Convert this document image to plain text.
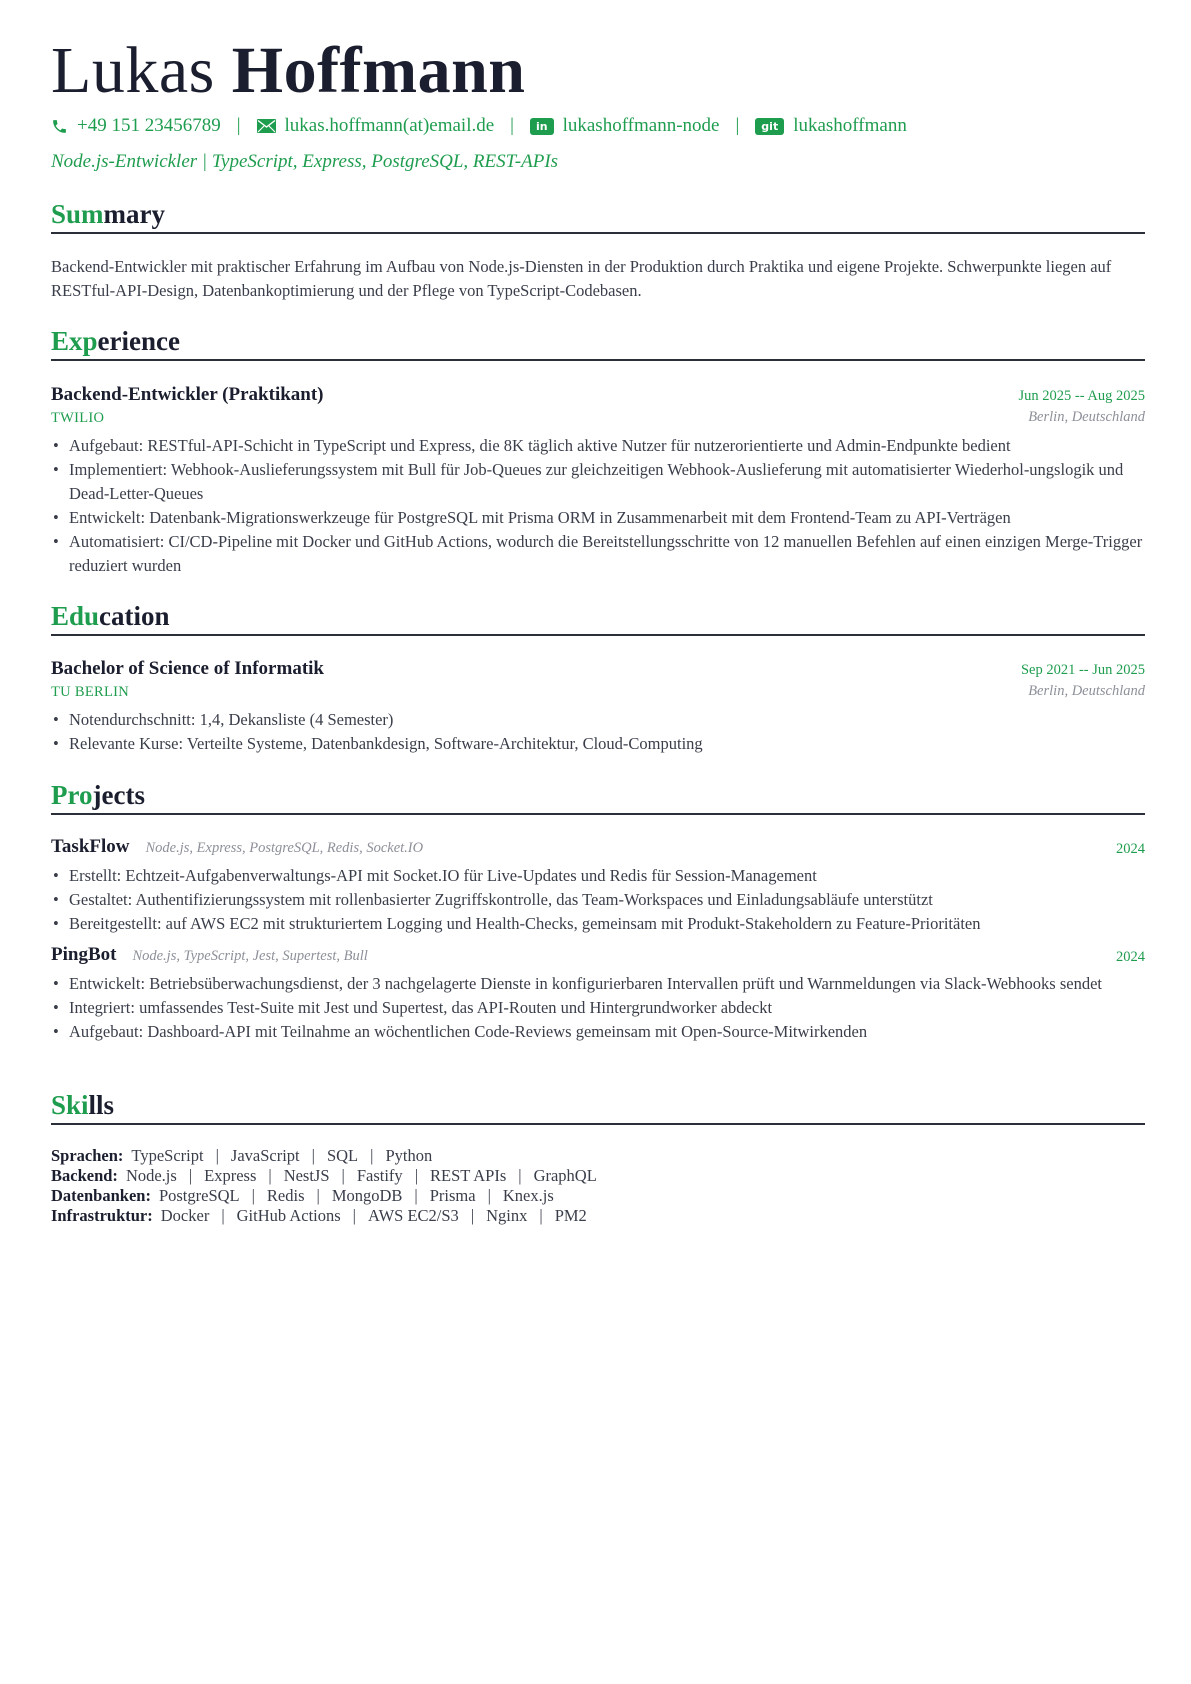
Lukas Hoffmann
+49 151 23456789 | lukas.hoffmann(at)email.de |	in lukashoffmann-node |	git lukashoffmann
Node.js-Entwickler | TypeScript, Express, PostgreSQL, REST-APIs
Summary
Backend-Entwickler mit praktischer Erfahrung im Aufbau von Node.js-Diensten in der Produktion durch Praktika und eigene Projekte. Schwerpunkte liegen auf RESTful-API-Design, Datenbankoptimierung und der Pflege von TypeScript-Codebasen.
Experience
Backend-Entwickler (Praktikant)	Jun 2025 -- Aug 2025
TWILIO	Berlin, Deutschland
• Aufgebaut: RESTful-API-Schicht in TypeScript und Express, die 8K täglich aktive Nutzer für nutzerorientierte und Admin-Endpunkte bedient
• Implementiert: Webhook-Auslieferungssystem mit Bull für Job-Queues zur gleichzeitigen Webhook-Auslieferung mit automatisierter Wiederhol-ungslogik und Dead-Letter-Queues
• Entwickelt: Datenbank-Migrationswerkzeuge für PostgreSQL mit Prisma ORM in Zusammenarbeit mit dem Frontend-Team zu API-Verträgen
• Automatisiert: CI/CD-Pipeline mit Docker und GitHub Actions, wodurch die Bereitstellungsschritte von 12 manuellen Befehlen auf einen einzigen Merge-Trigger reduziert wurden
Education
Bachelor of Science of Informatik	Sep 2021 -- Jun 2025
TU BERLIN	Berlin, Deutschland
• Notendurchschnitt: 1,4, Dekansliste (4 Semester)
• Relevante Kurse: Verteilte Systeme, Datenbankdesign, Software-Architektur, Cloud-Computing
Projects
TaskFlow Node.js, Express, PostgreSQL, Redis, Socket.IO	2024
• Erstellt: Echtzeit-Aufgabenverwaltungs-API mit Socket.IO für Live-Updates und Redis für Session-Management
• Gestaltet: Authentifizierungssystem mit rollenbasierter Zugriffskontrolle, das Team-Workspaces und Einladungsabläufe unterstützt
• Bereitgestellt: auf AWS EC2 mit strukturiertem Logging und Health-Checks, gemeinsam mit Produkt-Stakeholdern zu Feature-Prioritäten
PingBot Node.js, TypeScript, Jest, Supertest, Bull	2024
• Entwickelt: Betriebsüberwachungsdienst, der 3 nachgelagerte Dienste in konfigurierbaren Intervallen prüft und Warnmeldungen via Slack-Webhooks sendet
• Integriert: umfassendes Test-Suite mit Jest und Supertest, das API-Routen und Hintergrundworker abdeckt
• Aufgebaut: Dashboard-API mit Teilnahme an wöchentlichen Code-Reviews gemeinsam mit Open-Source-Mitwirkenden
Skills
Sprachen: TypeScript | JavaScript | SQL | Python
Backend: Node.js | Express | NestJS | Fastify | REST APIs | GraphQL
Datenbanken: PostgreSQL | Redis | MongoDB | Prisma | Knex.js
Infrastruktur: Docker | GitHub Actions | AWS EC2/S3 | Nginx | PM2
